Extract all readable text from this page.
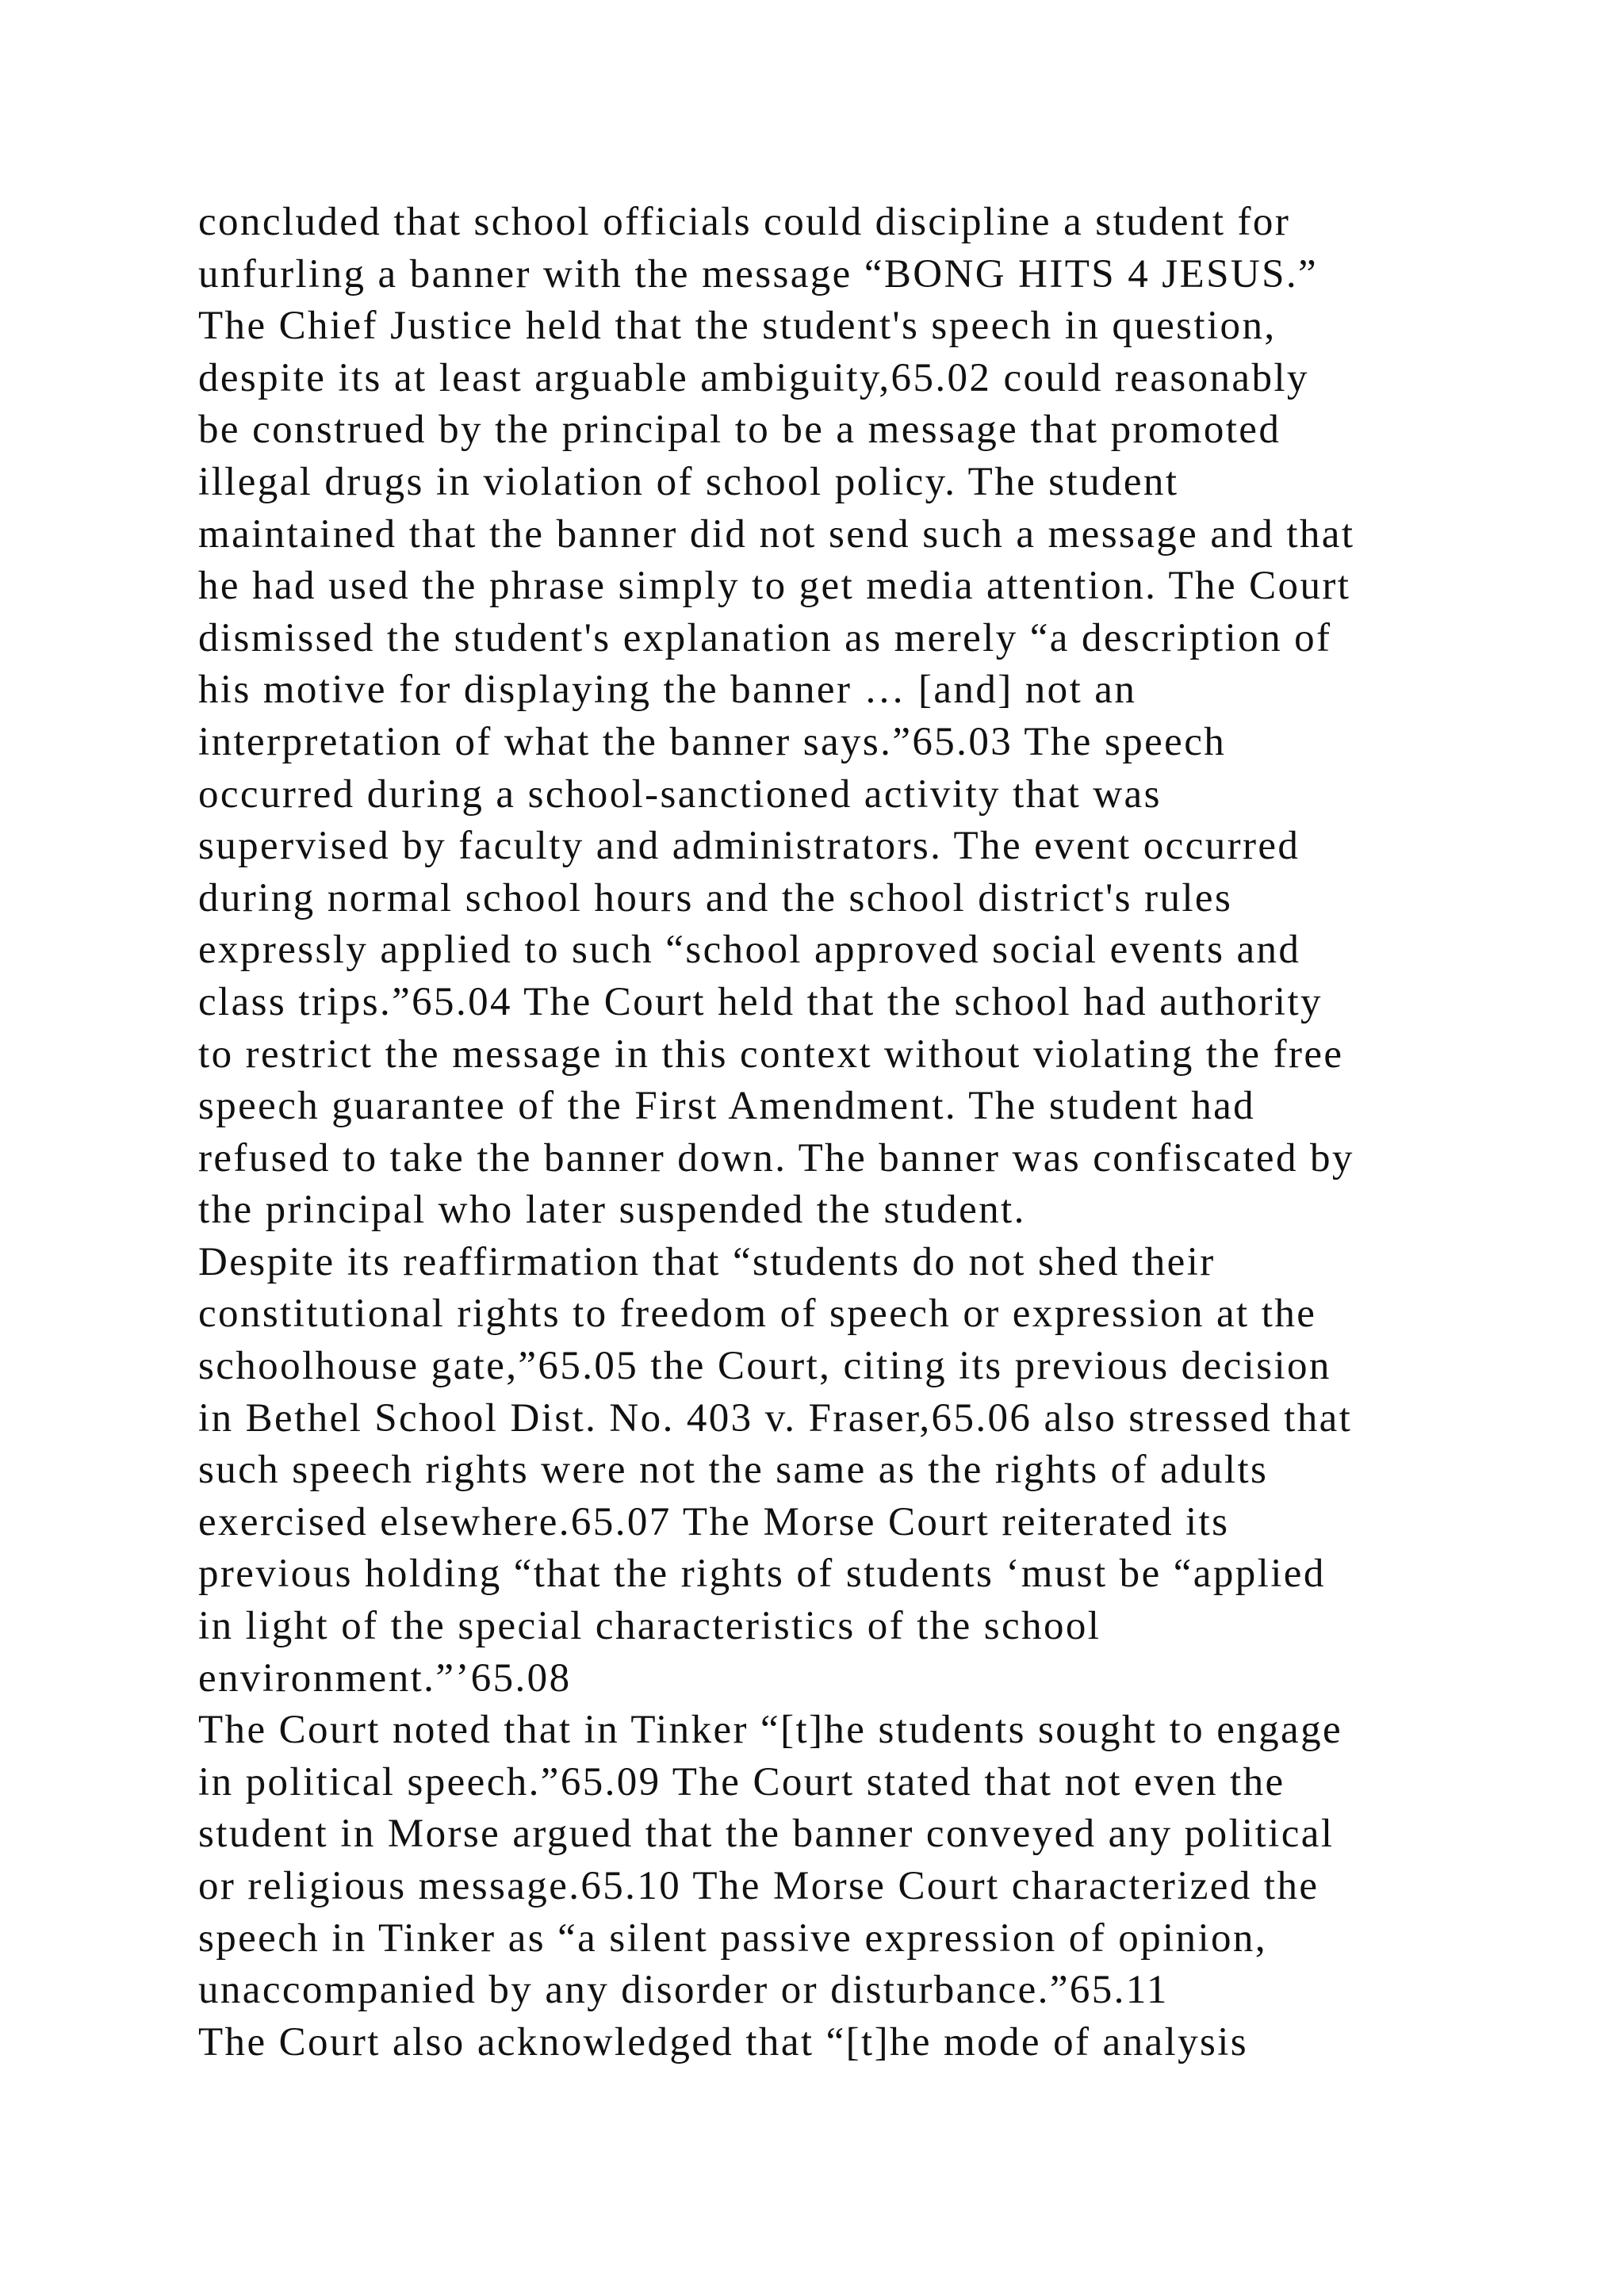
concluded that school officials could discipline a student for
unfurling a banner with the message “BONG HITS 4 JESUS.”
The Chief Justice held that the student's speech in question,
despite its at least arguable ambiguity,65.02 could reasonably
be construed by the principal to be a message that promoted
illegal drugs in violation of school policy. The student
maintained that the banner did not send such a message and that
he had used the phrase simply to get media attention. The Court
dismissed the student's explanation as merely “a description of
his motive for displaying the banner … [and] not an
interpretation of what the banner says.”65.03 The speech
occurred during a school-sanctioned activity that was
supervised by faculty and administrators. The event occurred
during normal school hours and the school district's rules
expressly applied to such “school approved social events and
class trips.”65.04 The Court held that the school had authority
to restrict the message in this context without violating the free
speech guarantee of the First Amendment. The student had
refused to take the banner down. The banner was confiscated by
the principal who later suspended the student.
Despite its reaffirmation that “students do not shed their
constitutional rights to freedom of speech or expression at the
schoolhouse gate,”65.05 the Court, citing its previous decision
in Bethel School Dist. No. 403 v. Fraser,65.06 also stressed that
such speech rights were not the same as the rights of adults
exercised elsewhere.65.07 The Morse Court reiterated its
previous holding “that the rights of students ‘must be “applied
in light of the special characteristics of the school
environment.”’65.08
The Court noted that in Tinker “[t]he students sought to engage
in political speech.”65.09 The Court stated that not even the
student in Morse argued that the banner conveyed any political
or religious message.65.10 The Morse Court characterized the
speech in Tinker as “a silent passive expression of opinion,
unaccompanied by any disorder or disturbance.”65.11
The Court also acknowledged that “[t]he mode of analysis
